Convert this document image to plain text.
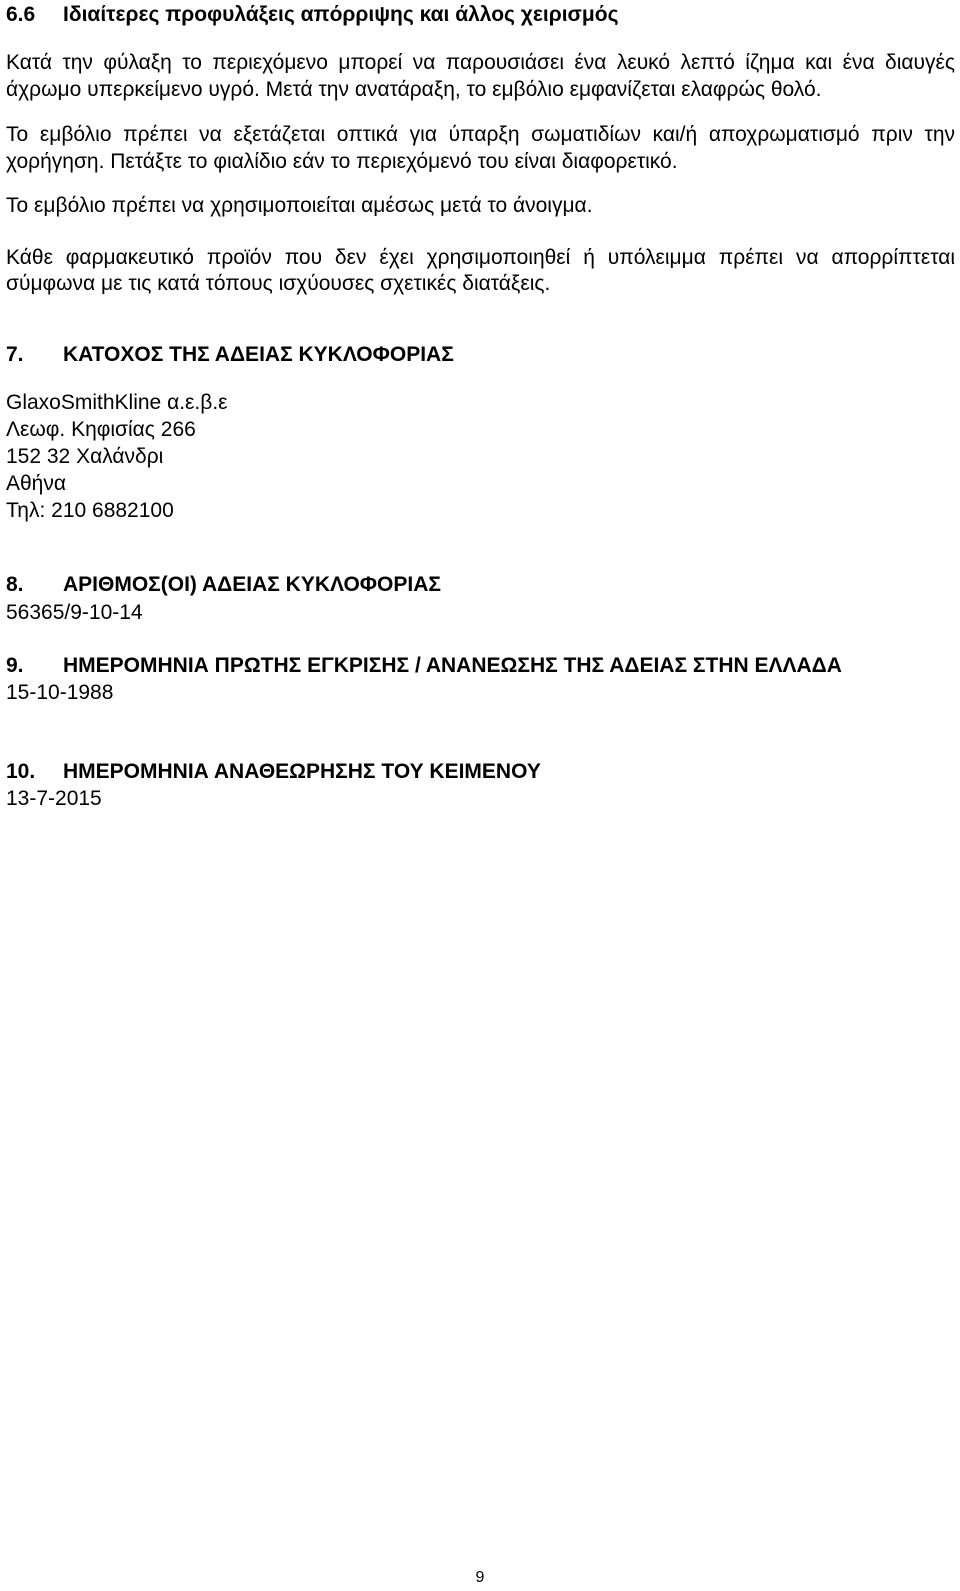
6.6	Ιδιαίτερες προφυλάξεις απόρριψης και άλλος χειρισμός

Κατά την φύλαξη το περιεχόμενο μπορεί να παρουσιάσει ένα λευκό λεπτό ίζημα και ένα διαυγές άχρωμο υπερκείμενο υγρό. Μετά την ανατάραξη, το εμβόλιο εμφανίζεται ελαφρώς θολό.

Το εμβόλιο πρέπει να εξετάζεται οπτικά για ύπαρξη σωματιδίων και/ή αποχρωματισμό πριν την χορήγηση. Πετάξτε το φιαλίδιο εάν το περιεχόμενό του είναι διαφορετικό.

Το εμβόλιο πρέπει να χρησιμοποιείται αμέσως μετά το άνοιγμα.

Κάθε φαρμακευτικό προϊόν που δεν έχει χρησιμοποιηθεί ή υπόλειμμα πρέπει να απορρίπτεται σύμφωνα με τις κατά τόπους ισχύουσες σχετικές διατάξεις.

7.	ΚΑΤΟΧΟΣ ΤΗΣ ΑΔΕΙΑΣ ΚΥΚΛΟΦΟΡΙΑΣ
GlaxoSmithKline α.ε.β.ε
Λεωφ. Κηφισίας 266
152 32 Χαλάνδρι
Αθήνα
Τηλ: 210 6882100
8.	ΑΡΙΘΜΟΣ(ΟΙ) ΑΔΕΙΑΣ ΚΥΚΛΟΦΟΡΙΑΣ
56365/9-10-14
9.	ΗΜΕΡΟΜΗΝΙΑ ΠΡΩΤΗΣ ΕΓΚΡΙΣΗΣ / ΑΝΑΝΕΩΣΗΣ ΤΗΣ ΑΔΕΙΑΣ ΣΤΗΝ ΕΛΛΑΔΑ
15-10-1988
10.	ΗΜΕΡΟΜΗΝΙΑ ΑΝΑΘΕΩΡΗΣΗΣ ΤΟΥ ΚΕΙΜΕΝΟΥ
13-7-2015
9
